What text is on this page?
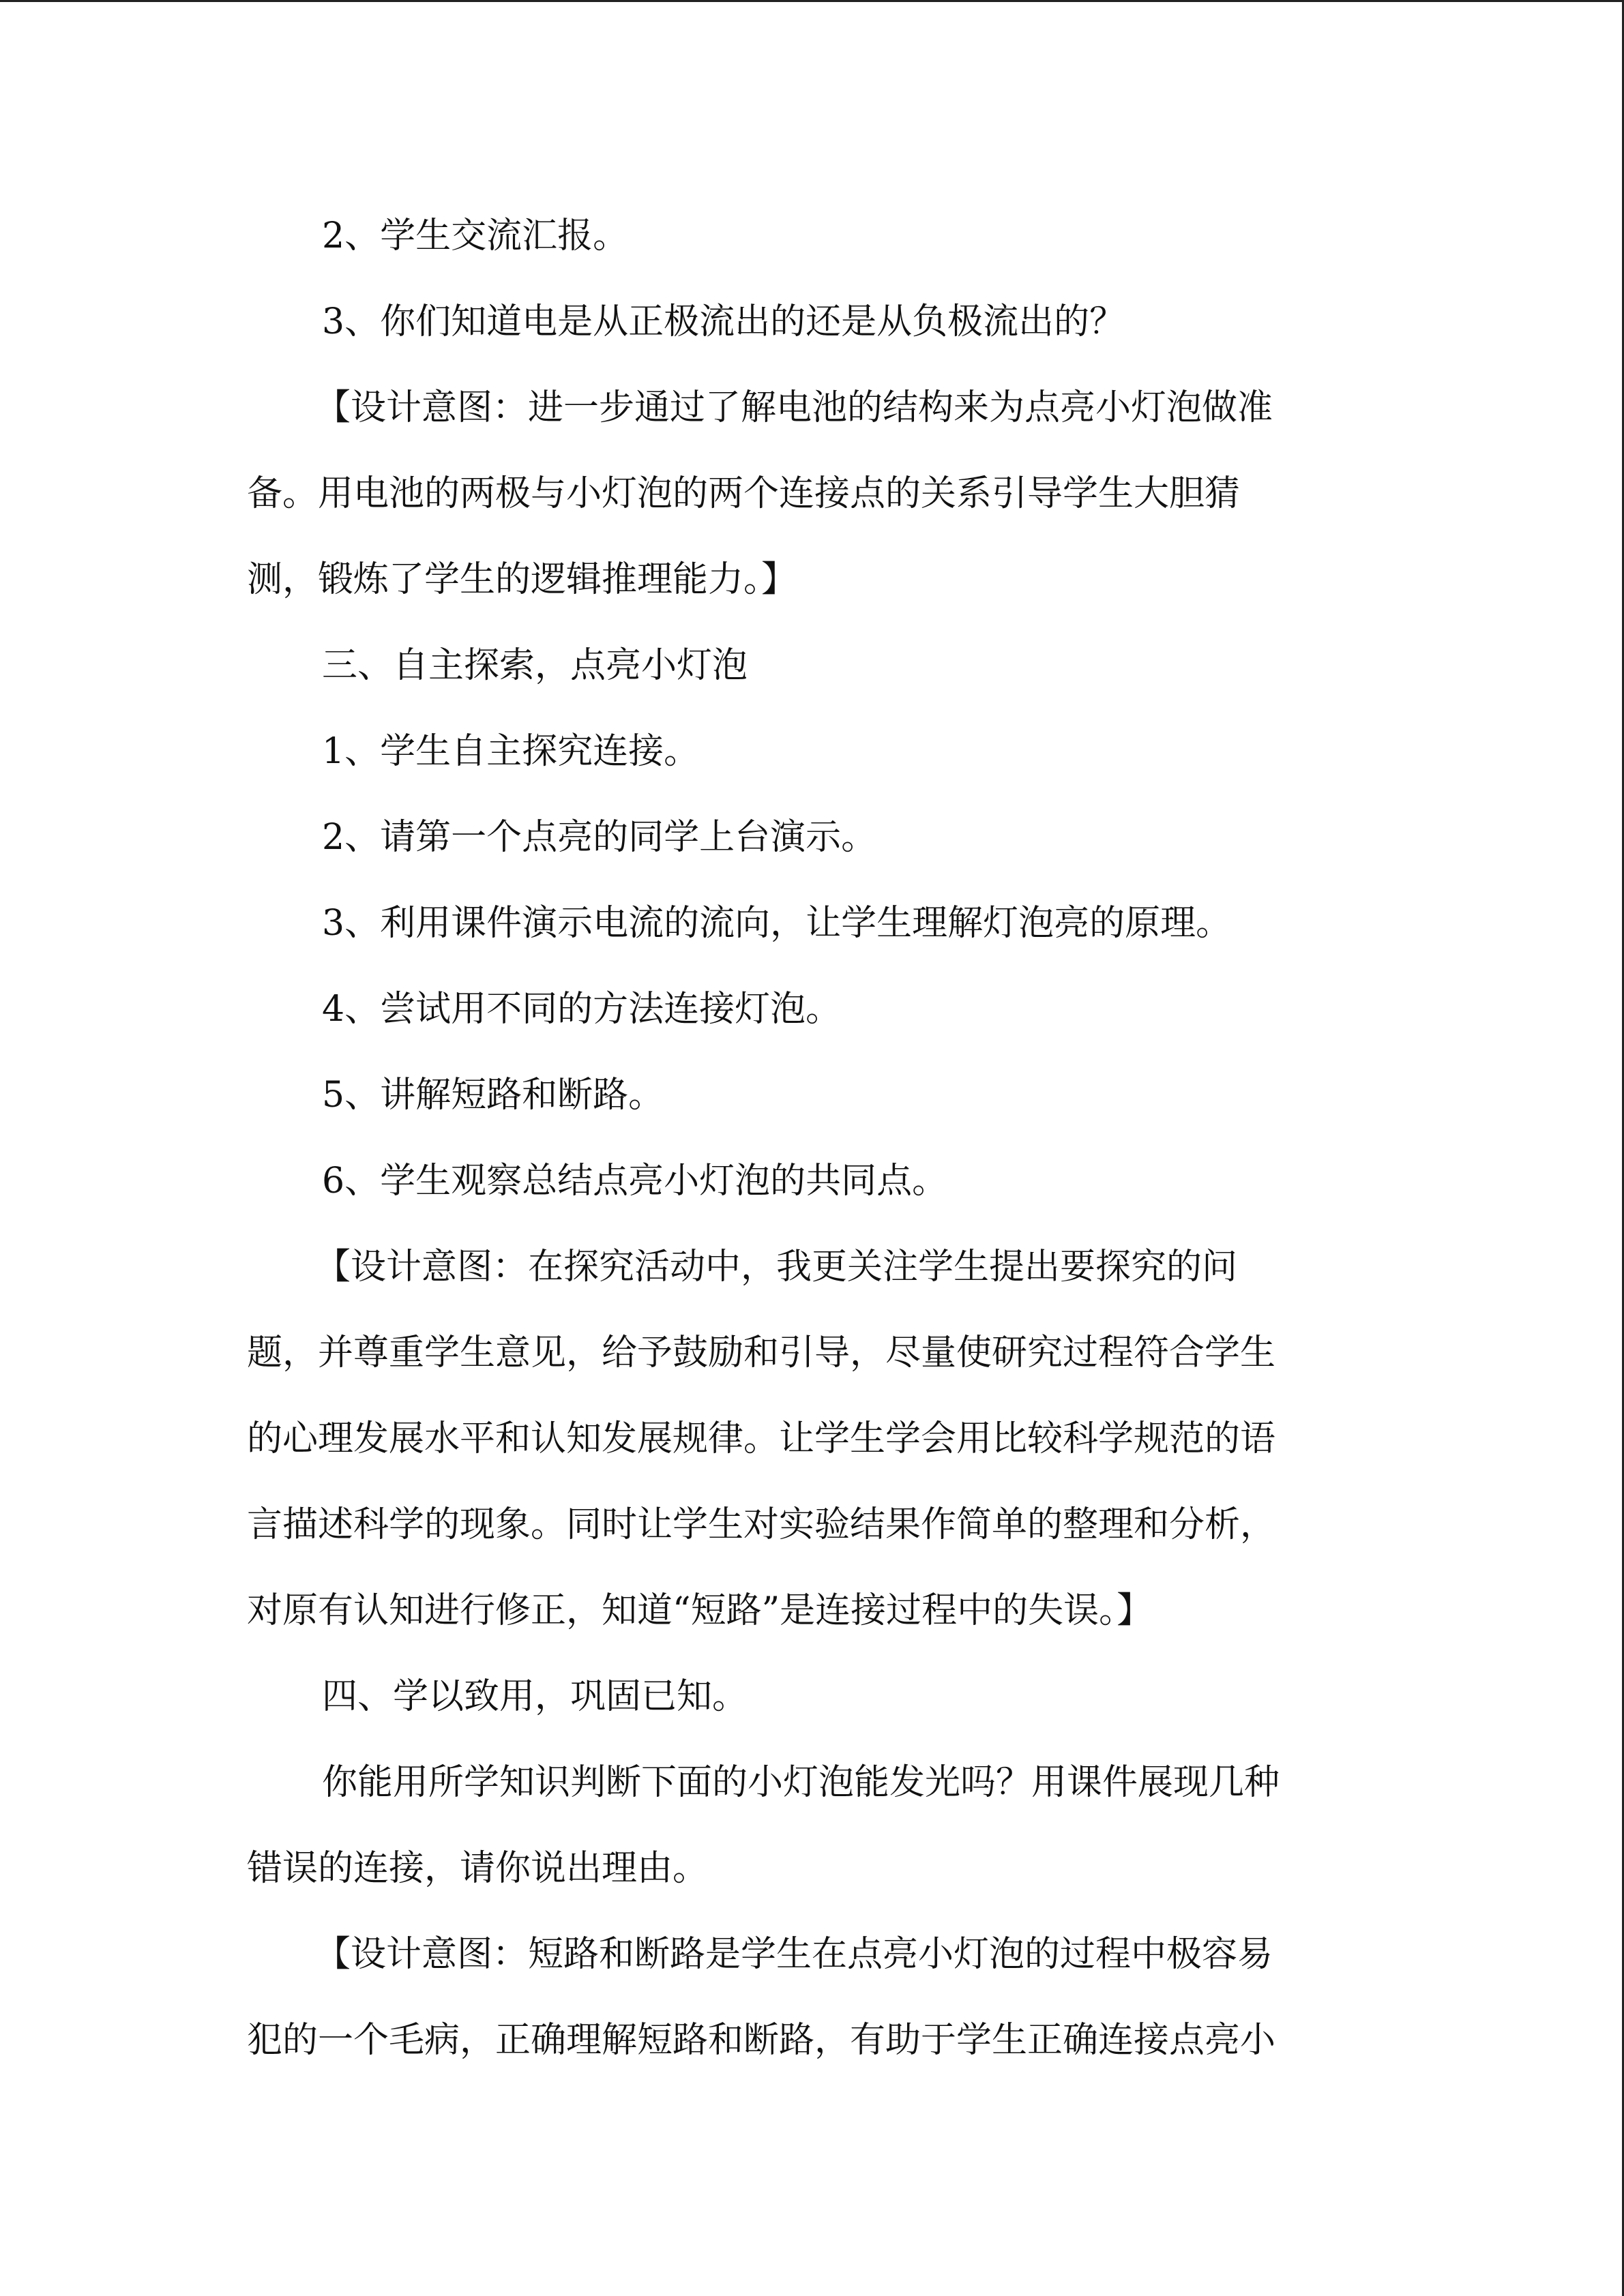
2、学生交流汇报。

3、你们知道电是从正极流出的还是从负极流出的？

【设计意图：进一步通过了解电池的结构来为点亮小灯泡做准
备。用电池的两极与小灯泡的两个连接点的关系引导学生大胆猜
测，锻炼了学生的逻辑推理能力。】

三、自主探索，点亮小灯泡

1、学生自主探究连接。

2、请第一个点亮的同学上台演示。

3、利用课件演示电流的流向，让学生理解灯泡亮的原理。

4、尝试用不同的方法连接灯泡。

5、讲解短路和断路。

6、学生观察总结点亮小灯泡的共同点。

【设计意图：在探究活动中，我更关注学生提出要探究的问
题，并尊重学生意见，给予鼓励和引导，尽量使研究过程符合学生
的心理发展水平和认知发展规律。让学生学会用比较科学规范的语
言描述科学的现象。同时让学生对实验结果作简单的整理和分析，
对原有认知进行修正，知道“短路”是连接过程中的失误。】

四、学以致用，巩固已知。

你能用所学知识判断下面的小灯泡能发光吗？用课件展现几种
错误的连接，请你说出理由。

【设计意图：短路和断路是学生在点亮小灯泡的过程中极容易
犯的一个毛病，正确理解短路和断路，有助于学生正确连接点亮小
